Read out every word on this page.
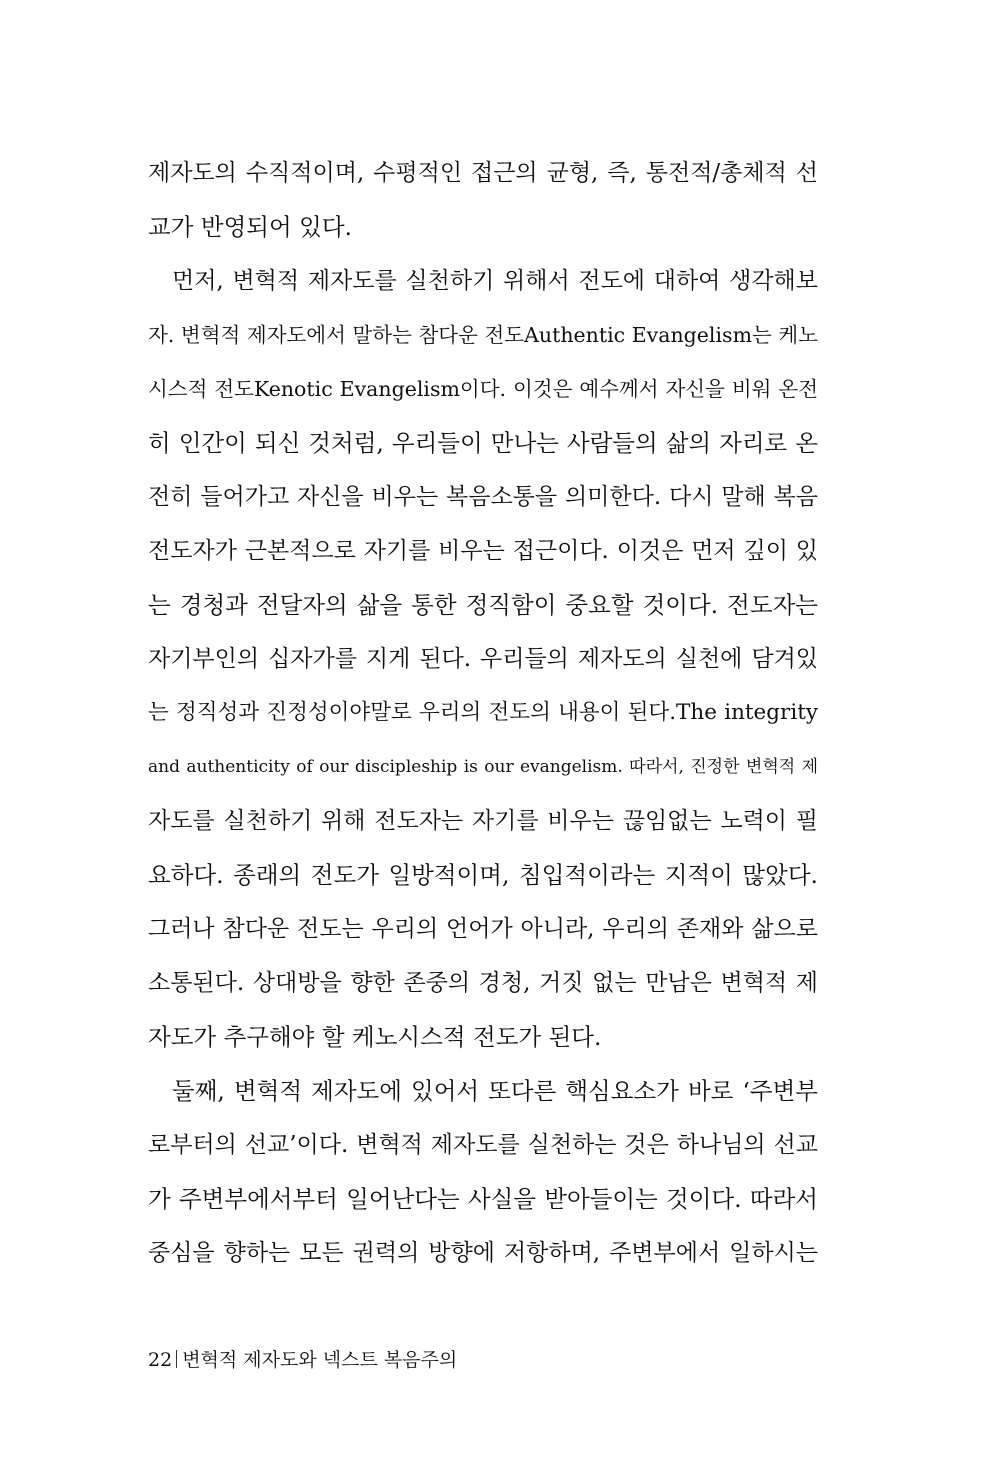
제자도의 수직적이며, 수평적인 접근의 균형, 즉, 통전적/총체적 선
교가 반영되어 있다.
먼저, 변혁적 제자도를 실천하기 위해서 전도에 대하여 생각해보
자. 변혁적 제자도에서 말하는 참다운 전도Authentic Evangelism는 케노
시스적 전도Kenotic Evangelism이다. 이것은 예수께서 자신을 비워 온전
히 인간이 되신 것처럼, 우리들이 만나는 사람들의 삶의 자리로 온
전히 들어가고 자신을 비우는 복음소통을 의미한다. 다시 말해 복음
전도자가 근본적으로 자기를 비우는 접근이다. 이것은 먼저 깊이 있
는 경청과 전달자의 삶을 통한 정직함이 중요할 것이다. 전도자는
자기부인의 십자가를 지게 된다. 우리들의 제자도의 실천에 담겨있
는 정직성과 진정성이야말로 우리의 전도의 내용이 된다.The integrity
and authenticity of our discipleship is our evangelism. 따라서, 진정한 변혁적 제
자도를 실천하기 위해 전도자는 자기를 비우는 끊임없는 노력이 필
요하다. 종래의 전도가 일방적이며, 침입적이라는 지적이 많았다.
그러나 참다운 전도는 우리의 언어가 아니라, 우리의 존재와 삶으로
소통된다. 상대방을 향한 존중의 경청, 거짓 없는 만남은 변혁적 제
자도가 추구해야 할 케노시스적 전도가 된다.
둘째, 변혁적 제자도에 있어서 또다른 핵심요소가 바로 ‘주변부
로부터의 선교’이다. 변혁적 제자도를 실천하는 것은 하나님의 선교
가 주변부에서부터 일어난다는 사실을 받아들이는 것이다. 따라서
중심을 향하는 모든 권력의 방향에 저항하며, 주변부에서 일하시는
22 변혁적 제자도와 넥스트 복음주의
